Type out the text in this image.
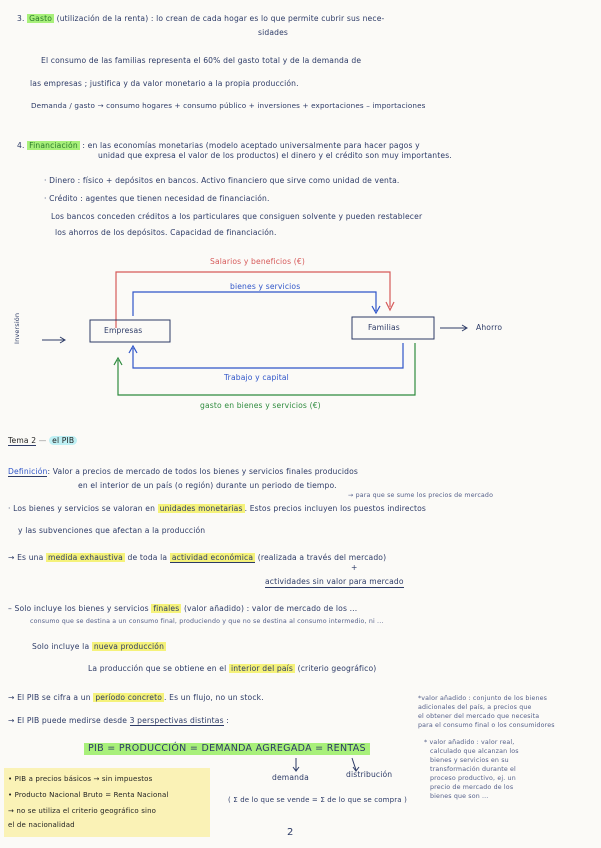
3. Gasto (utilización de la renta) : lo crean de cada hogar es lo que permite cubrir sus nece-
sidades
El consumo de las familias representa el 60% del gasto total y de la demanda de
las empresas ; justifica y da valor monetario a la propia producción.
Demanda / gasto → consumo hogares + consumo público + inversiones + exportaciones – importaciones
4. Financiación : en las economías monetarias (modelo aceptado universalmente para hacer pagos y
unidad que expresa el valor de los productos) el dinero y el crédito son muy importantes.
· Dinero : físico + depósitos en bancos. Activo financiero que sirve como unidad de venta.
· Crédito : agentes que tienen necesidad de financiación.
Los bancos conceden créditos a los particulares que consiguen solvente y pueden restablecer
los ahorros de los depósitos. Capacidad de financiación.
Salarios y beneficios (€)
bienes y servicios
Empresas	Familias	Ahorro
Inversión
Trabajo y capital
gasto en bienes y servicios (€)
Tema 2 — el PIB
Definición: Valor a precios de mercado de todos los bienes y servicios finales producidos
en el interior de un país (o región) durante un periodo de tiempo.
→ para que se sume los precios de mercado
· Los bienes y servicios se valoran en unidades monetarias . Estos precios incluyen los puestos indirectos
y las subvenciones que afectan a la producción
→ Es una medida exhaustiva de toda la actividad económica (realizada a través del mercado)
+
actividades sin valor para mercado
– Solo incluye los bienes y servicios finales (valor añadido) : valor de mercado de los ...
consumo que se destina a un consumo final, produciendo y que no se destina al consumo intermedio, ni ...
Solo incluye la nueva producción
La producción que se obtiene en el interior del país (criterio geográfico)
→ El PIB se cifra a un período concreto . Es un flujo, no un stock.
→ El PIB puede medirse desde 3 perspectivas distintas :
*valor añadido : conjunto de los bienes
adicionales del país, a precios que
el obtener del mercado que necesita
para el consumo final o los consumidores
* valor añadido : valor real,
calculado que alcanzan los
bienes y servicios en su
transformación durante el
proceso productivo, ej. un
precio de mercado de los
bienes que son ...
PIB = PRODUCCIÓN = DEMANDA AGREGADA = RENTAS
demanda	distribución
( Σ de lo que se vende = Σ de lo que se compra )
• PIB a precios básicos → sin impuestos
• Producto Nacional Bruto = Renta Nacional
→ no se utiliza el criterio geográfico sino
el de nacionalidad
2
